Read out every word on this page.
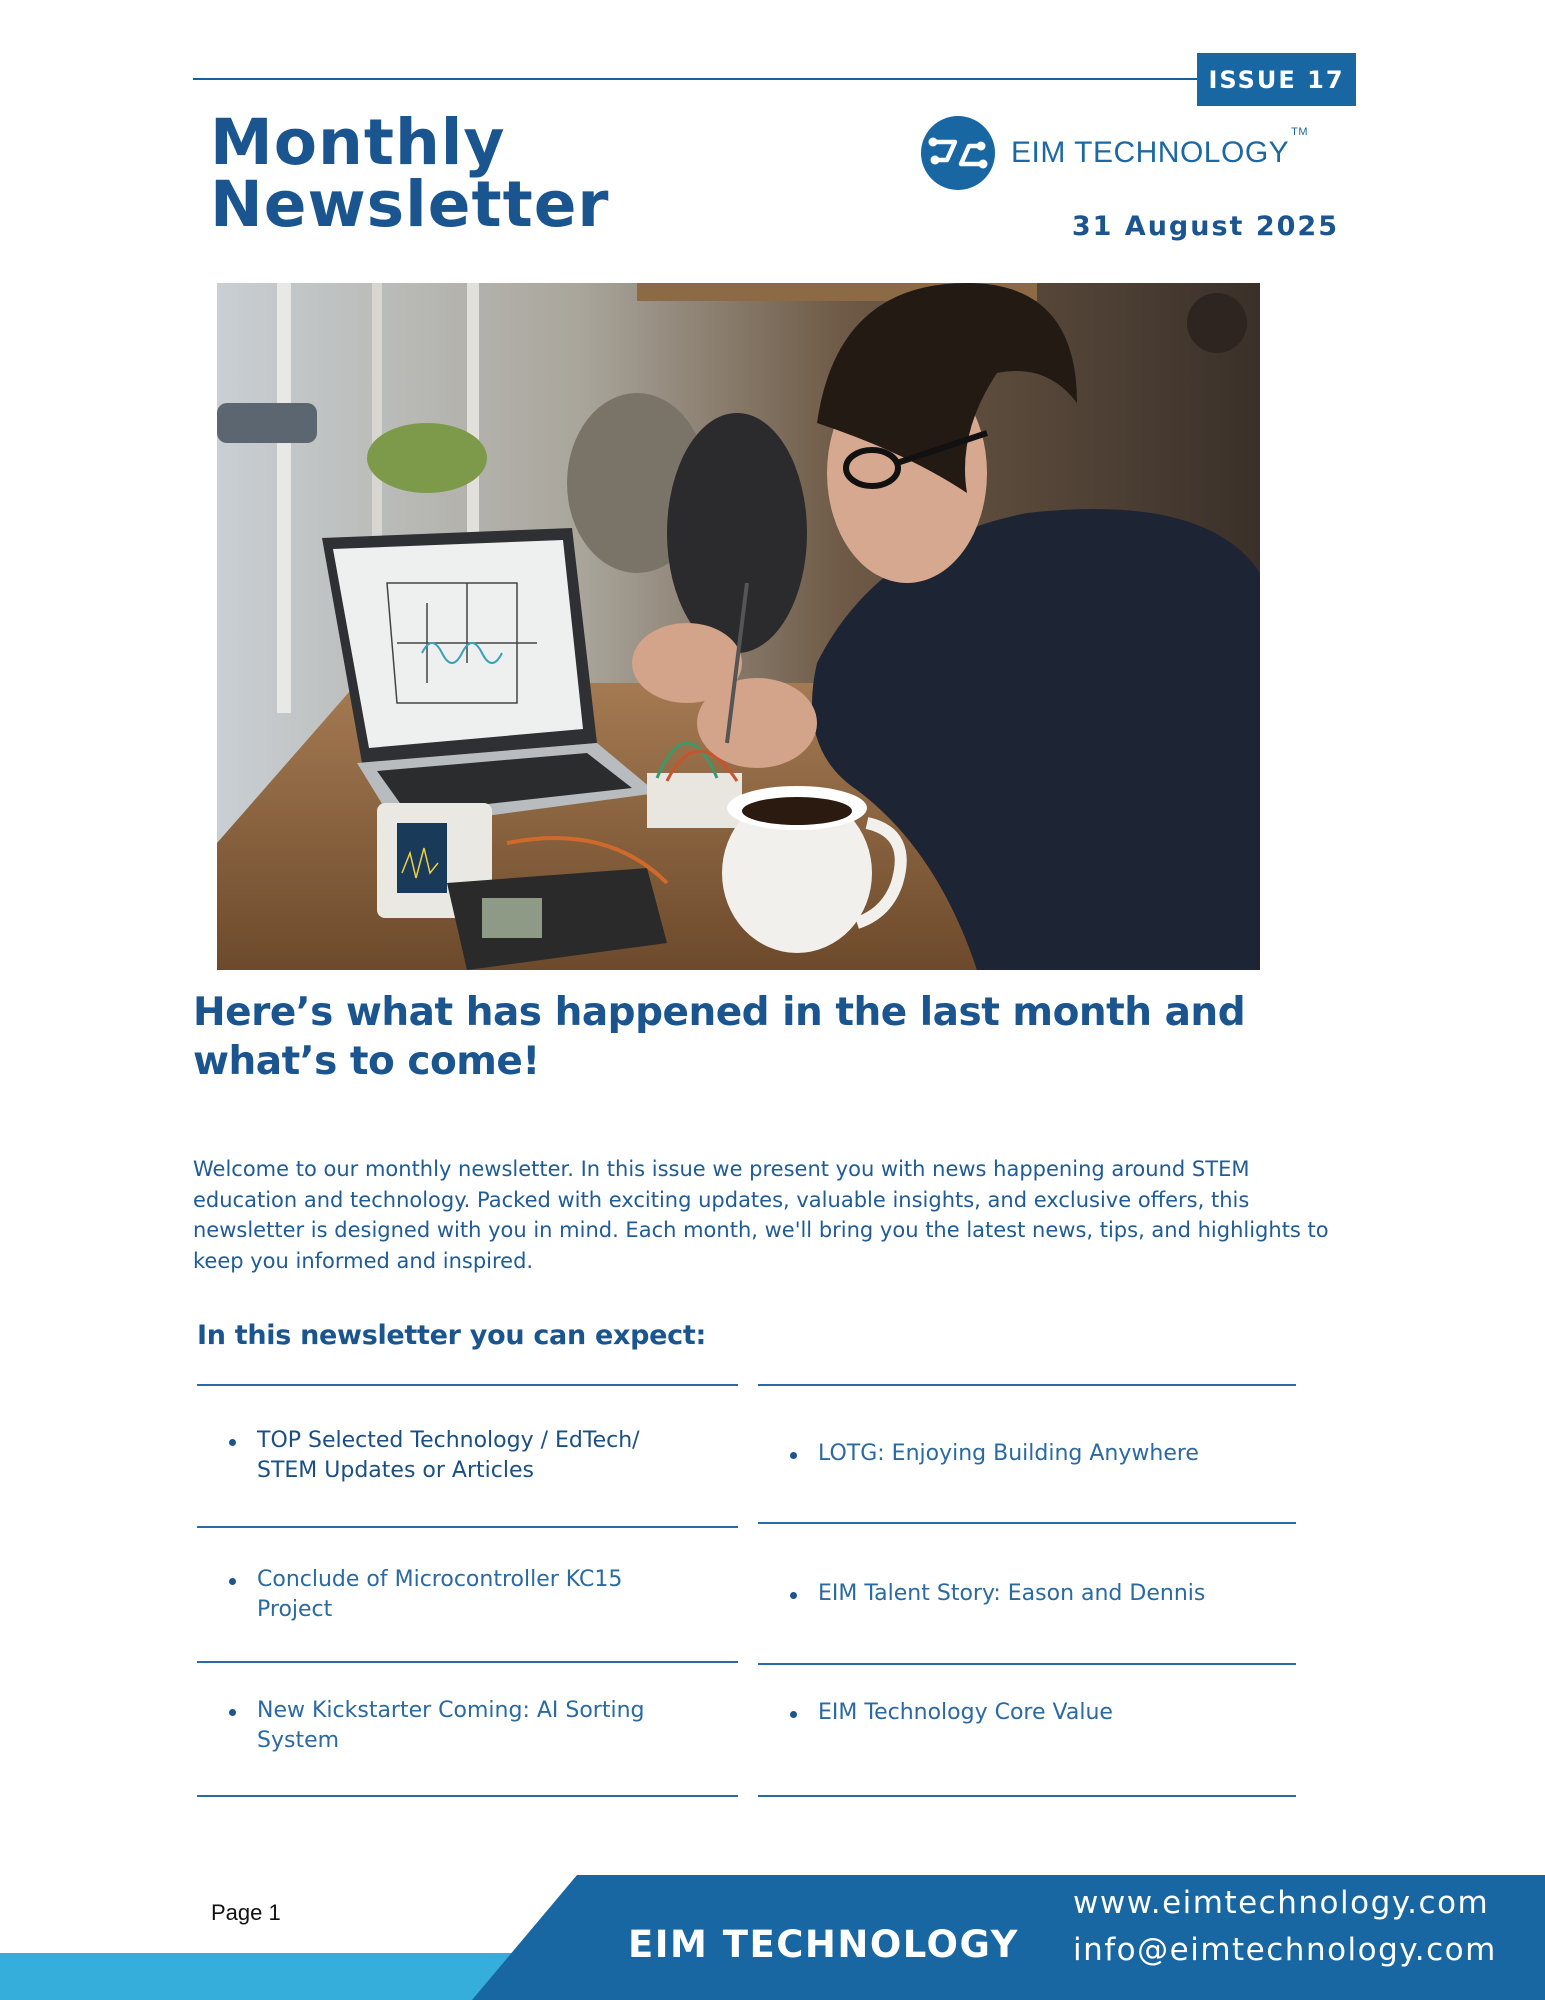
ISSUE 17
Monthly
Newsletter
EIM TECHNOLOGY™
31 August 2025
Here’s what has happened in the last month and what’s to come!
Welcome to our monthly newsletter. In this issue we present you with news happening around STEM education and technology. Packed with exciting updates, valuable insights, and exclusive offers, this newsletter is designed with you in mind. Each month, we'll bring you the latest news, tips, and highlights to keep you informed and inspired.
In this newsletter you can expect:
TOP Selected Technology / EdTech/ STEM Updates or Articles
LOTG: Enjoying Building Anywhere
Conclude of Microcontroller KC15 Project
EIM Talent Story: Eason and Dennis
New Kickstarter Coming: AI Sorting System
EIM Technology Core Value
Page 1
EIM TECHNOLOGY
www.eimtechnology.com
info@eimtechnology.com
